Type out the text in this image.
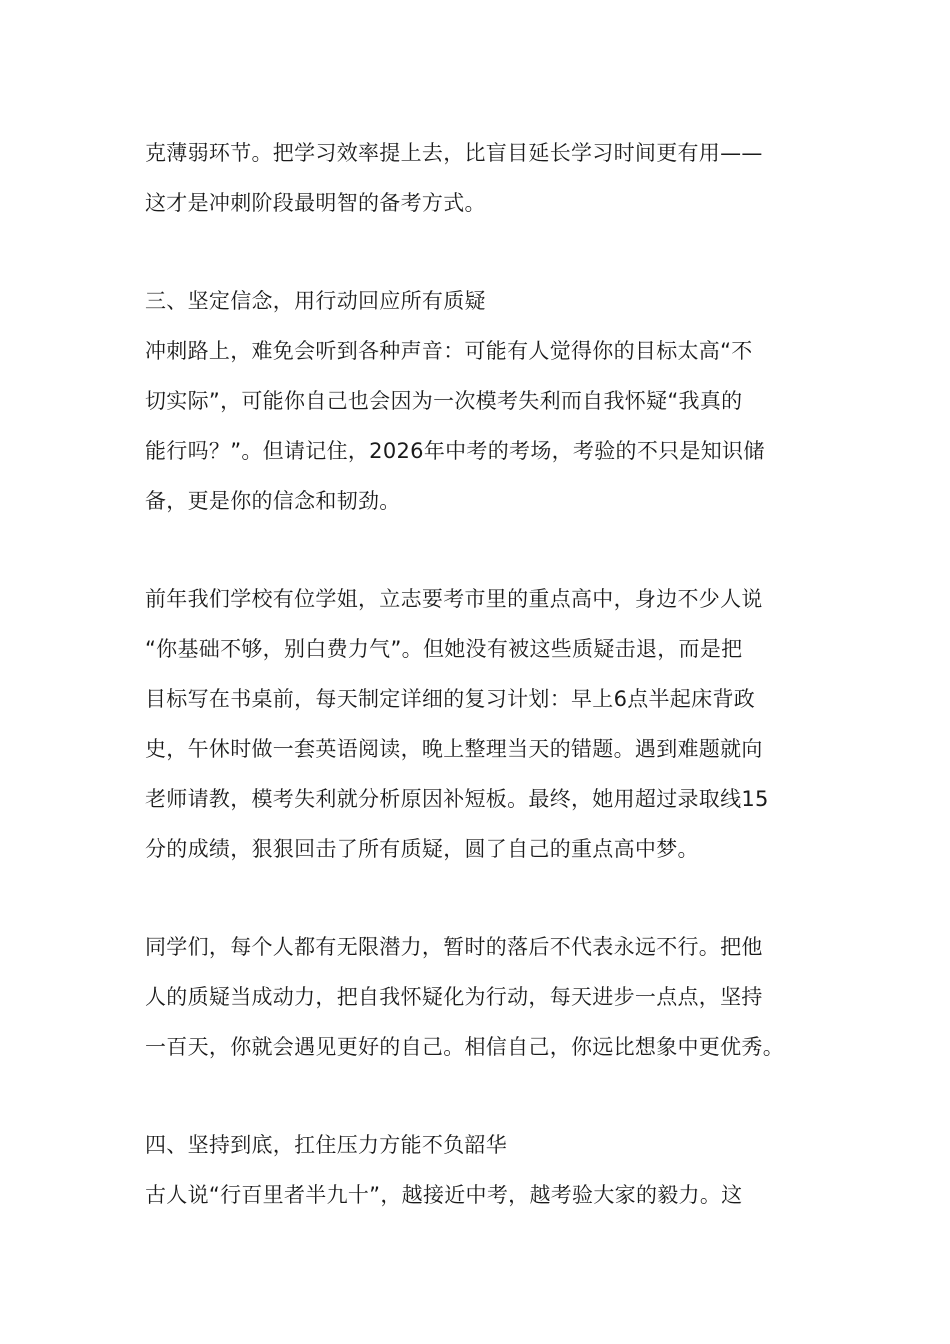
克薄弱环节。把学习效率提上去，比盲目延长学习时间更有用——
这才是冲刺阶段最明智的备考方式。
三、坚定信念，用行动回应所有质疑
冲刺路上，难免会听到各种声音：可能有人觉得你的目标太高“不
切实际”，可能你自己也会因为一次模考失利而自我怀疑“我真的
能行吗？”。但请记住，2026年中考的考场，考验的不只是知识储
备，更是你的信念和韧劲。
前年我们学校有位学姐，立志要考市里的重点高中，身边不少人说
“你基础不够，别白费力气”。但她没有被这些质疑击退，而是把
目标写在书桌前，每天制定详细的复习计划：早上6点半起床背政
史，午休时做一套英语阅读，晚上整理当天的错题。遇到难题就向
老师请教，模考失利就分析原因补短板。最终，她用超过录取线15
分的成绩，狠狠回击了所有质疑，圆了自己的重点高中梦。
同学们，每个人都有无限潜力，暂时的落后不代表永远不行。把他
人的质疑当成动力，把自我怀疑化为行动，每天进步一点点，坚持
一百天，你就会遇见更好的自己。相信自己，你远比想象中更优秀。
四、坚持到底，扛住压力方能不负韶华
古人说“行百里者半九十”，越接近中考，越考验大家的毅力。这
